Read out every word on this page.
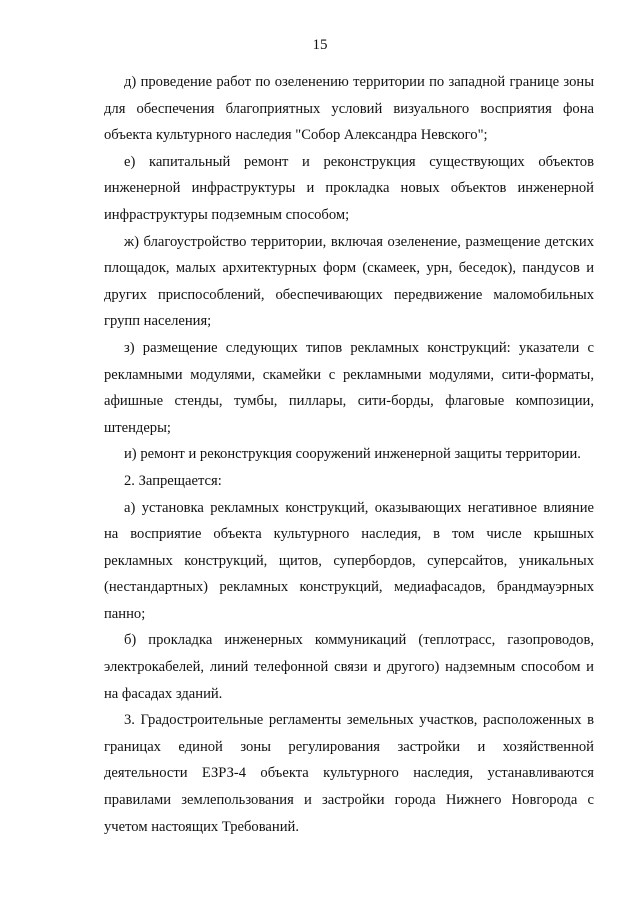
15

д) проведение работ по озеленению территории по западной границе зоны для обеспечения благоприятных условий визуального восприятия фона объекта культурного наследия "Собор Александра Невского";

е) капитальный ремонт и реконструкция существующих объектов инженерной инфраструктуры и прокладка новых объектов инженерной инфраструктуры подземным способом;

ж) благоустройство территории, включая озеленение, размещение детских площадок, малых архитектурных форм (скамеек, урн, беседок), пандусов и других приспособлений, обеспечивающих передвижение маломобильных групп населения;

з) размещение следующих типов рекламных конструкций: указатели с рекламными модулями, скамейки с рекламными модулями, сити-форматы, афишные стенды, тумбы, пиллары, сити-борды, флаговые композиции, штендеры;

и) ремонт и реконструкция сооружений инженерной защиты территории.

2. Запрещается:

а) установка рекламных конструкций, оказывающих негативное влияние на восприятие объекта культурного наследия, в том числе крышных рекламных конструкций, щитов, супербордов, суперсайтов, уникальных (нестандартных) рекламных конструкций, медиафасадов, брандмауэрных панно;

б) прокладка инженерных коммуникаций (теплотрасс, газопроводов, электрокабелей, линий телефонной связи и другого) надземным способом и на фасадах зданий.

3. Градостроительные регламенты земельных участков, расположенных в границах единой зоны регулирования застройки и хозяйственной деятельности ЕЗРЗ-4 объекта культурного наследия, устанавливаются правилами землепользования и застройки города Нижнего Новгорода с учетом настоящих Требований.
